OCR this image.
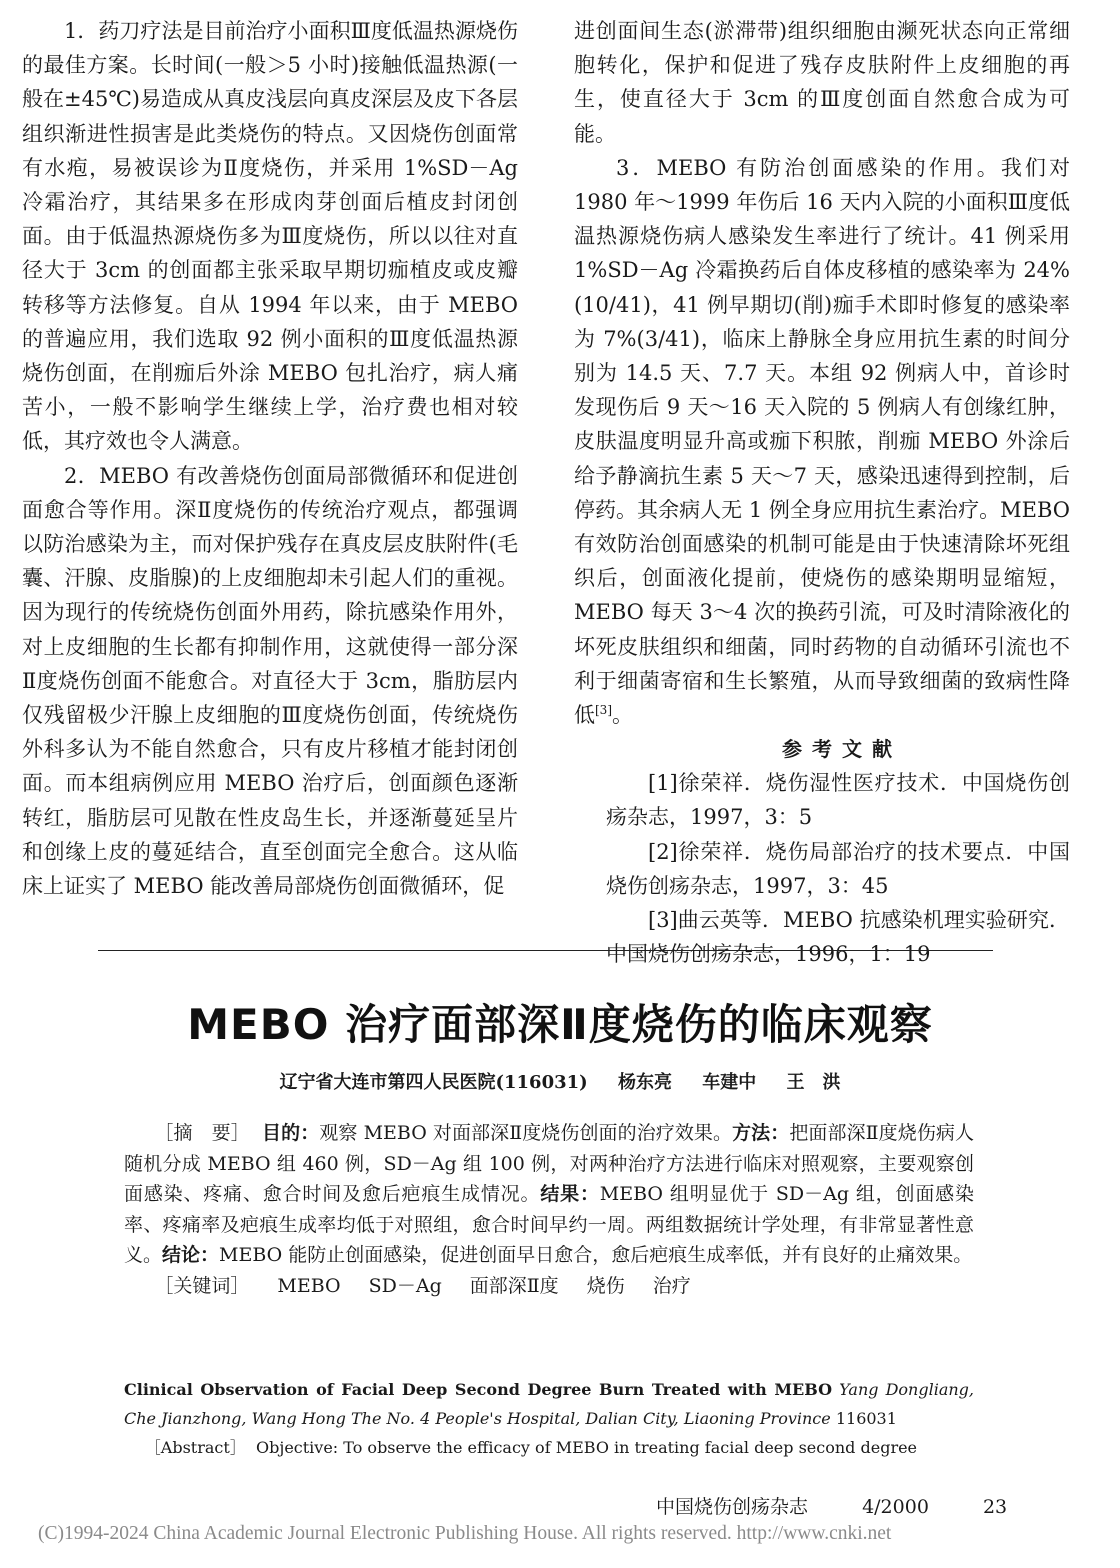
1．药刀疗法是目前治疗小面积Ⅲ度低温热源烧伤的最佳方案。长时间(一般＞5 小时)接触低温热源(一般在±45℃)易造成从真皮浅层向真皮深层及皮下各层组织渐进性损害是此类烧伤的特点。又因烧伤创面常有水疱，易被误诊为Ⅱ度烧伤，并采用 1%SD－Ag 冷霜治疗，其结果多在形成肉芽创面后植皮封闭创面。由于低温热源烧伤多为Ⅲ度烧伤，所以以往对直径大于 3cm 的创面都主张采取早期切痂植皮或皮瓣转移等方法修复。自从 1994 年以来，由于 MEBO 的普遍应用，我们选取 92 例小面积的Ⅲ度低温热源烧伤创面，在削痂后外涂 MEBO 包扎治疗，病人痛苦小，一般不影响学生继续上学，治疗费也相对较低，其疗效也令人满意。

2．MEBO 有改善烧伤创面局部微循环和促进创面愈合等作用。深Ⅱ度烧伤的传统治疗观点，都强调以防治感染为主，而对保护残存在真皮层皮肤附件(毛囊、汗腺、皮脂腺)的上皮细胞却未引起人们的重视。因为现行的传统烧伤创面外用药，除抗感染作用外，对上皮细胞的生长都有抑制作用，这就使得一部分深Ⅱ度烧伤创面不能愈合。对直径大于 3cm，脂肪层内仅残留极少汗腺上皮细胞的Ⅲ度烧伤创面，传统烧伤外科多认为不能自然愈合，只有皮片移植才能封闭创面。而本组病例应用 MEBO 治疗后，创面颜色逐渐转红，脂肪层可见散在性皮岛生长，并逐渐蔓延呈片和创缘上皮的蔓延结合，直至创面完全愈合。这从临床上证实了 MEBO 能改善局部烧伤创面微循环，促

进创面间生态(淤滞带)组织细胞由濒死状态向正常细胞转化，保护和促进了残存皮肤附件上皮细胞的再生，使直径大于 3cm 的Ⅲ度创面自然愈合成为可能。

3．MEBO 有防治创面感染的作用。我们对 1980 年～1999 年伤后 16 天内入院的小面积Ⅲ度低温热源烧伤病人感染发生率进行了统计。41 例采用 1%SD－Ag 冷霜换药后自体皮移植的感染率为 24%(10/41)，41 例早期切(削)痂手术即时修复的感染率为 7%(3/41)，临床上静脉全身应用抗生素的时间分别为 14.5 天、7.7 天。本组 92 例病人中，首诊时发现伤后 9 天～16 天入院的 5 例病人有创缘红肿，皮肤温度明显升高或痂下积脓，削痂 MEBO 外涂后给予静滴抗生素 5 天～7 天，感染迅速得到控制，后停药。其余病人无 1 例全身应用抗生素治疗。MEBO 有效防治创面感染的机制可能是由于快速清除坏死组织后，创面液化提前，使烧伤的感染期明显缩短，MEBO 每天 3～4 次的换药引流，可及时清除液化的坏死皮肤组织和细菌，同时药物的自动循环引流也不利于细菌寄宿和生长繁殖，从而导致细菌的致病性降低[3]。

参考文献

[1]徐荣祥．烧伤湿性医疗技术．中国烧伤创疡杂志，1997，3：5

[2]徐荣祥．烧伤局部治疗的技术要点．中国烧伤创疡杂志，1997，3：45

[3]曲云英等．MEBO 抗感染机理实验研究．中国烧伤创疡杂志，1996，1：19

MEBO 治疗面部深Ⅱ度烧伤的临床观察

辽宁省大连市第四人民医院(116031) 杨东亮 车建中 王　洪

［摘　要］ 目的：观察 MEBO 对面部深Ⅱ度烧伤创面的治疗效果。方法：把面部深Ⅱ度烧伤病人随机分成 MEBO 组 460 例，SD－Ag 组 100 例，对两种治疗方法进行临床对照观察，主要观察创面感染、疼痛、愈合时间及愈后疤痕生成情况。结果：MEBO 组明显优于 SD－Ag 组，创面感染率、疼痛率及疤痕生成率均低于对照组，愈合时间早约一周。两组数据统计学处理，有非常显著性意义。结论：MEBO 能防止创面感染，促进创面早日愈合，愈后疤痕生成率低，并有良好的止痛效果。

［关键词］ MEBO SD－Ag 面部深Ⅱ度 烧伤 治疗

Clinical Observation of Facial Deep Second Degree Burn Treated with MEBO Yang Dongliang, Che Jianzhong, Wang Hong The No. 4 People's Hospital, Dalian City, Liaoning Province 116031

［Abstract］ Objective: To observe the efficacy of MEBO in treating facial deep second degree

中国烧伤创疡杂志	4/2000	23
(C)1994-2024 China Academic Journal Electronic Publishing House. All rights reserved. http://www.cnki.net
